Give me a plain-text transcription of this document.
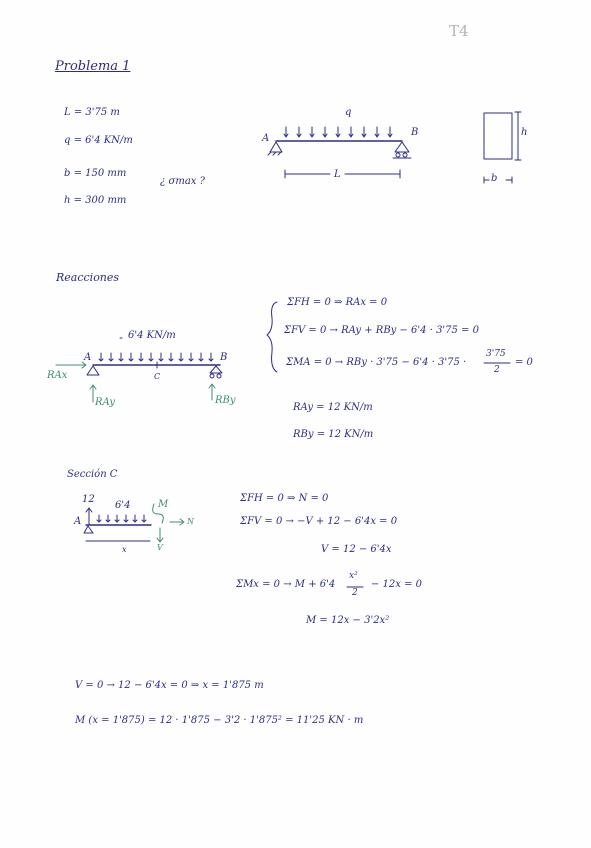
T4
Problema 1
L = 3'75 m
q = 6'4 KN/m
b = 150 mm
h = 300 mm
¿ σmax ?
q
A
B
L
h
b
Reacciones
6'4 KN/m
A	B
C
RAx
RAy	RBy
ΣFH = 0 ⇒ RAx = 0
ΣFV = 0 → RAy + RBy − 6'4 · 3'75 = 0
ΣMA = 0 → RBy · 3'75 − 6'4 · 3'75 ·
3'75
2
= 0
RAy = 12 KN/m
RBy = 12 KN/m
Sección C
12
6'4
A
M
N
V
x
ΣFH = 0 ⇒ N = 0
ΣFV = 0 → −V + 12 − 6'4x = 0
V = 12 − 6'4x
ΣMx = 0 → M + 6'4
x²
2
− 12x = 0
M = 12x − 3'2x²
V = 0 → 12 − 6'4x = 0 ⇒ x = 1'875 m
M (x = 1'875) = 12 · 1'875 − 3'2 · 1'875² = 11'25 KN · m
